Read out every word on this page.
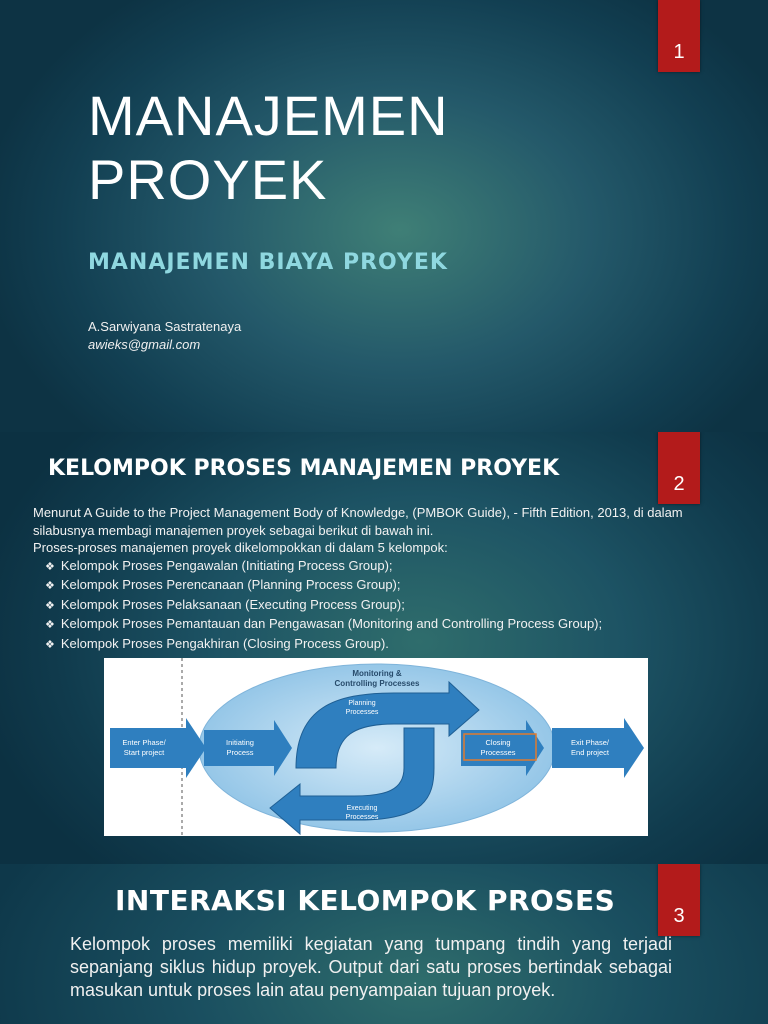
1
MANAJEMEN
PROYEK
MANAJEMEN BIAYA PROYEK
A.Sarwiyana Sastratenaya
awieks@gmail.com
2
KELOMPOK PROSES MANAJEMEN PROYEK
Menurut A Guide to the Project Management Body of Knowledge, (PMBOK Guide), - Fifth Edition, 2013, di dalam silabusnya membagi manajemen proyek sebagai berikut di bawah ini.
Proses-proses manajemen proyek dikelompokkan di dalam 5 kelompok:
❖ Kelompok Proses Pengawalan (Initiating Process Group);
❖ Kelompok Proses Perencanaan (Planning Process Group);
❖ Kelompok Proses Pelaksanaan (Executing Process Group);
❖ Kelompok Proses Pemantauan dan Pengawasan (Monitoring and Controlling Process Group);
❖ Kelompok Proses Pengakhiran (Closing Process Group).
Monitoring &
Controlling Processes
Planning
Processes
Enter Phase/
Start project
Initiating
Process
Closing
Processes
Exit Phase/
End project
Executing
Processes
3
INTERAKSI KELOMPOK PROSES
Kelompok proses memiliki kegiatan yang tumpang tindih yang terjadi sepanjang siklus hidup proyek. Output dari satu proses bertindak sebagai masukan untuk proses lain atau penyampaian tujuan proyek.
